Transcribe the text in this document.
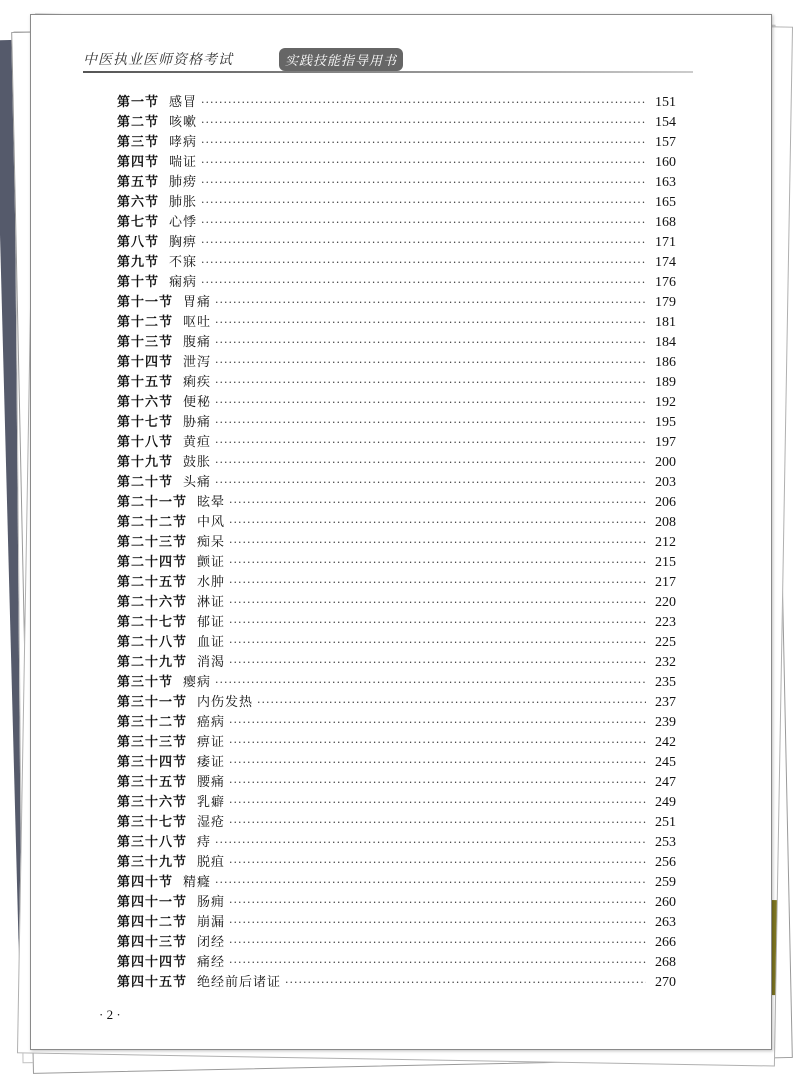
中医执业医师资格考试	实践技能指导用书
第一节 感冒 ·····	151
第二节 咳嗽 ·····	154
第三节 哮病 ·····	157
第四节 喘证 ·····	160
第五节 肺痨 ·····	163
第六节 肺胀 ·····	165
第七节 心悸 ·····	168
第八节 胸痹 ·····	171
第九节 不寐 ·····	174
第十节 痫病 ·····	176
第十一节 胃痛 ·····	179
第十二节 呕吐 ·····	181
第十三节 腹痛 ·····	184
第十四节 泄泻 ·····	186
第十五节 痢疾 ·····	189
第十六节 便秘 ·····	192
第十七节 胁痛 ·····	195
第十八节 黄疸 ·····	197
第十九节 鼓胀 ·····	200
第二十节 头痛 ·····	203
第二十一节 眩晕 ·····	206
第二十二节 中风 ·····	208
第二十三节 痴呆 ·····	212
第二十四节 颤证 ·····	215
第二十五节 水肿 ·····	217
第二十六节 淋证 ·····	220
第二十七节 郁证 ·····	223
第二十八节 血证 ·····	225
第二十九节 消渴 ·····	232
第三十节 瘿病 ·····	235
第三十一节 内伤发热 ·····	237
第三十二节 癌病 ·····	239
第三十三节 痹证 ·····	242
第三十四节 痿证 ·····	245
第三十五节 腰痛 ·····	247
第三十六节 乳癖 ·····	249
第三十七节 湿疮 ·····	251
第三十八节 痔 ·····	253
第三十九节 脱疽 ·····	256
第四十节 精癃 ·····	259
第四十一节 肠痈 ·····	260
第四十二节 崩漏 ·····	263
第四十三节 闭经 ·····	266
第四十四节 痛经 ·····	268
第四十五节 绝经前后诸证 ·····	270
· 2 ·
